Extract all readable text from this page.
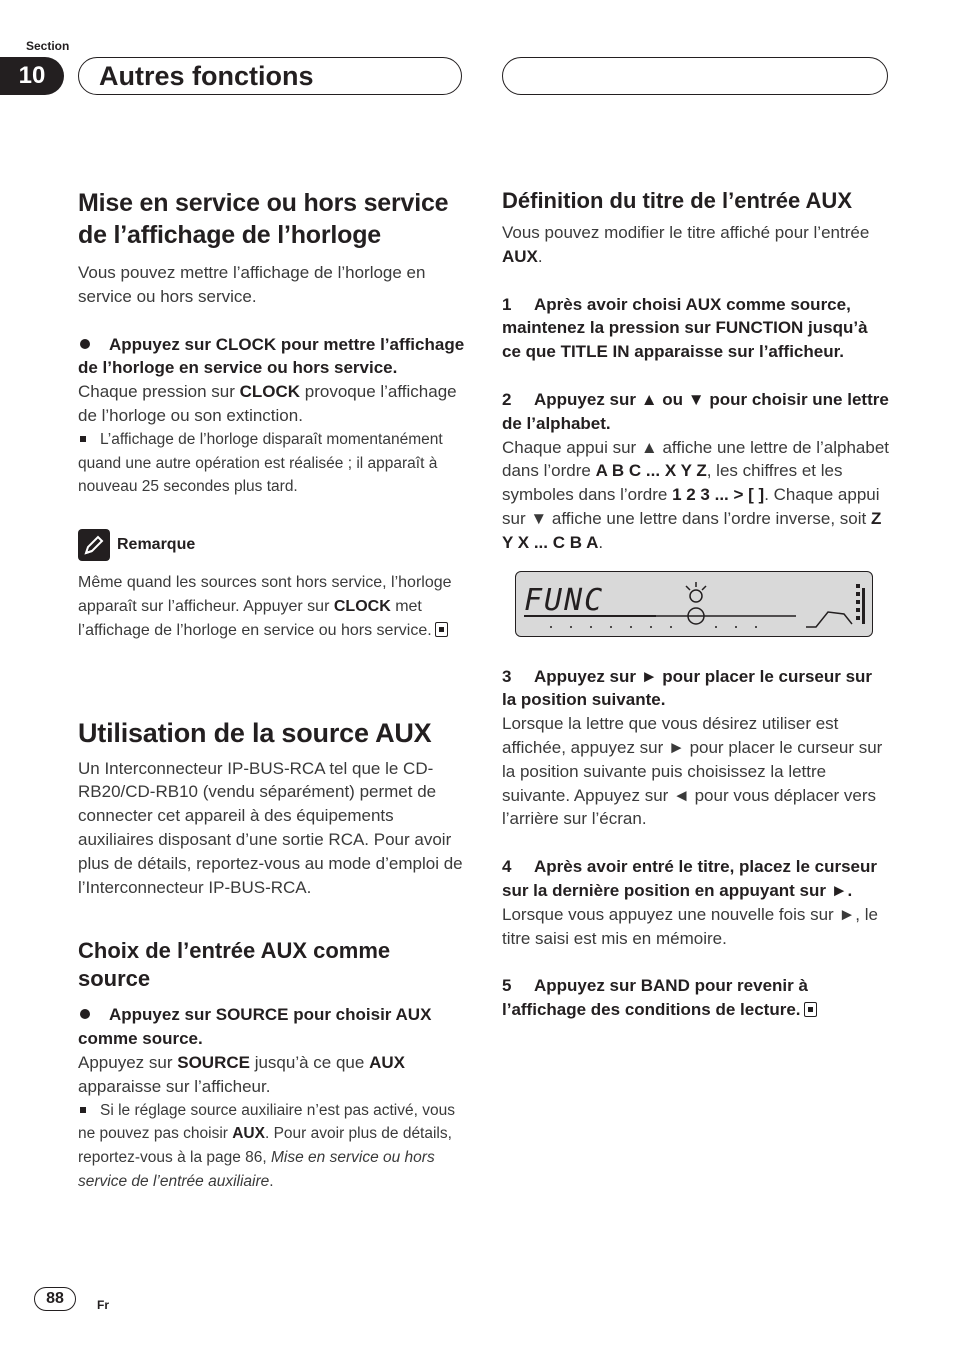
Section
10	Autres fonctions
Mise en service ou hors service de l’affichage de l’horloge

Vous pouvez mettre l’affichage de l’horloge en service ou hors service.

Appuyez sur CLOCK pour mettre l’affichage de l’horloge en service ou hors service.

Chaque pression sur CLOCK provoque l’affichage de l’horloge ou son extinction.

L’affichage de l’horloge disparaît momentanément quand une autre opération est réalisée ; il apparaît à nouveau 25 secondes plus tard.

Remarque

Même quand les sources sont hors service, l’horloge apparaît sur l’afficheur. Appuyer sur CLOCK met l’affichage de l’horloge en service ou hors service.

Utilisation de la source AUX

Un Interconnecteur IP-BUS-RCA tel que le CD-RB20/CD-RB10 (vendu séparément) permet de connecter cet appareil à des équipements auxiliaires disposant d’une sortie RCA. Pour avoir plus de détails, reportez-vous au mode d’emploi de l’Interconnecteur IP-BUS-RCA.

Choix de l’entrée AUX comme source

Appuyez sur SOURCE pour choisir AUX comme source.

Appuyez sur SOURCE jusqu’à ce que AUX apparaisse sur l’afficheur.

Si le réglage source auxiliaire n’est pas activé, vous ne pouvez pas choisir AUX. Pour avoir plus de détails, reportez-vous à la page 86, Mise en service ou hors service de l’entrée auxiliaire.

Définition du titre de l’entrée AUX

Vous pouvez modifier le titre affiché pour l’entrée AUX.

1 Après avoir choisi AUX comme source, maintenez la pression sur FUNCTION jusqu’à ce que TITLE IN apparaisse sur l’afficheur.

2 Appuyez sur ▲ ou ▼ pour choisir une lettre de l’alphabet.

Chaque appui sur ▲ affiche une lettre de l’alphabet dans l’ordre A B C ... X Y Z, les chiffres et les symboles dans l’ordre 1 2 3 ... > [ ]. Chaque appui sur ▼ affiche une lettre dans l’ordre inverse, soit Z Y X ... C B A.

FUNC

3 Appuyez sur ► pour placer le curseur sur la position suivante.

Lorsque la lettre que vous désirez utiliser est affichée, appuyez sur ► pour placer le curseur sur la position suivante puis choisissez la lettre suivante. Appuyez sur ◄ pour vous déplacer vers l’arrière sur l’écran.

4 Après avoir entré le titre, placez le curseur sur la dernière position en appuyant sur ►.

Lorsque vous appuyez une nouvelle fois sur ►, le titre saisi est mis en mémoire.

5 Appuyez sur BAND pour revenir à l’affichage des conditions de lecture.

88	Fr
